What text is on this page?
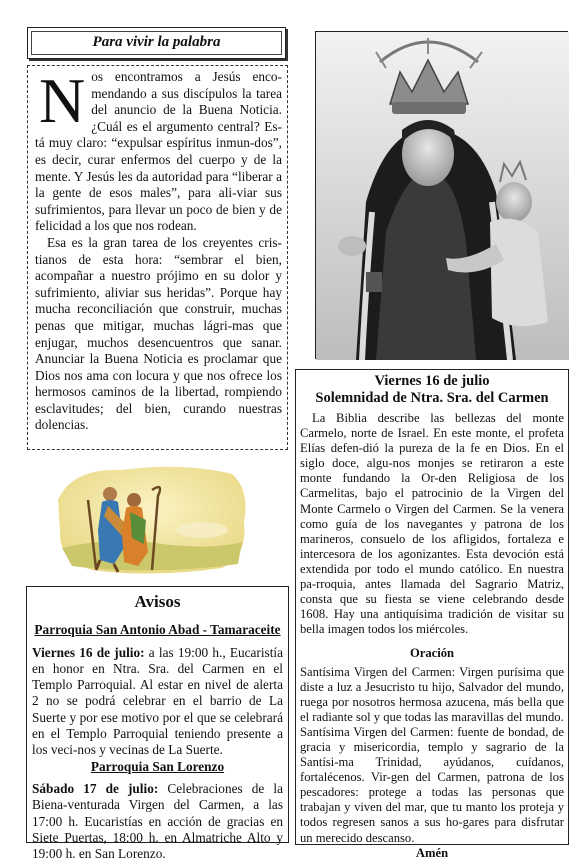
Para vivir la palabra

Nos encontramos a Jesús enco-mendando a sus discípulos la tarea del anuncio de la Buena Noticia. ¿Cuál es el argumento central? Es-tá muy claro: “expulsar espíritus inmun-dos”, es decir, curar enfermos del cuerpo y de la mente. Y Jesús les da autoridad para “liberar a la gente de esos males”, para ali-viar sus sufrimientos, para llevar un poco de bien y de felicidad a los que nos rodean.

Esa es la gran tarea de los creyentes cris-tianos de esta hora: “sembrar el bien, acompañar a nuestro prójimo en su dolor y sufrimiento, aliviar sus heridas”. Porque hay mucha reconciliación que construir, muchas penas que mitigar, muchas lágri-mas que enjugar, muchos desencuentros que sanar. Anunciar la Buena Noticia es proclamar que Dios nos ama con locura y que nos ofrece los hermosos caminos de la libertad, rompiendo esclavitudes; del bien, curando nuestras dolencias.

Avisos
Parroquia San Antonio Abad - Tamaraceite

Viernes 16 de julio: a las 19:00 h., Eucaristía en honor en Ntra. Sra. del Carmen en el Templo Parroquial. Al estar en nivel de alerta 2 no se podrá celebrar en el barrio de La Suerte y por ese motivo por el que se celebrará en el Templo Parroquial teniendo presente a los veci-nos y vecinas de La Suerte.

Parroquia San Lorenzo

Sábado 17 de julio: Celebraciones de la Biena-venturada Virgen del Carmen, a las 17:00 h. Eucaristías en acción de gracias en Siete Puertas, 18:00 h. en Almatriche Alto y 19:00 h. en San Lorenzo.

Viernes 16 de julio
Solemnidad de Ntra. Sra. del Carmen

La Biblia describe las bellezas del monte Carmelo, norte de Israel. En este monte, el profeta Elías defen-dió la pureza de la fe en Dios. En el siglo doce, algu-nos monjes se retiraron a este monte fundando la Or-den Religiosa de los Carmelitas, bajo el patrocinio de la Virgen del Monte Carmelo o Virgen del Carmen. Se la venera como guía de los navegantes y patrona de los marineros, consuelo de los afligidos, fortaleza e intercesora de los agonizantes. Esta devoción está extendida por todo el mundo católico. En nuestra pa-rroquia, antes llamada del Sagrario Matriz, consta que su fiesta se viene celebrando desde 1608. Hay una antiquísima tradición de visitar su bella imagen todos los miércoles.

Oración

Santísima Virgen del Carmen: Virgen purísima que diste a luz a Jesucristo tu hijo, Salvador del mundo, ruega por nosotros hermosa azucena, más bella que el radiante sol y que todas las maravillas del mundo.

Santísima Virgen del Carmen: fuente de bondad, de gracia y misericordia, templo y sagrario de la Santísi-ma Trinidad, ayúdanos, cuídanos, fortalécenos. Vir-gen del Carmen, patrona de los pescadores: protege a todas las personas que trabajan y viven del mar, que tu manto los proteja y todos regresen sanos a sus ho-gares para disfrutar un merecido descanso.

Amén
